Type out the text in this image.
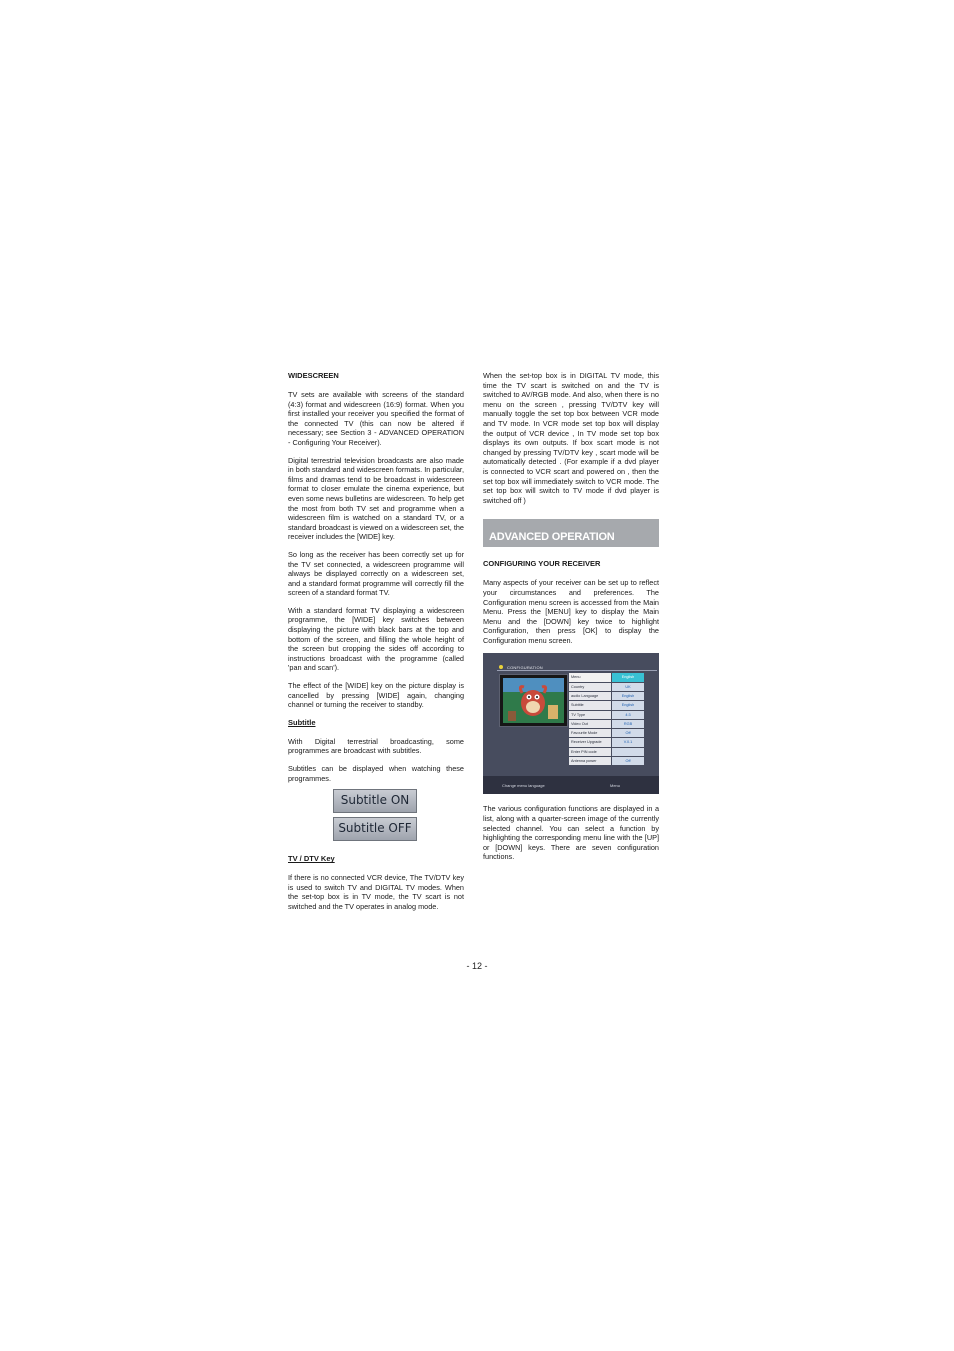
WIDESCREEN

TV sets are available with screens of the standard (4:3) format and widescreen (16:9) format. When you first installed your receiver you specified the format of the connected TV (this can now be altered if necessary; see Section 3 - ADVANCED OPERATION - Configuring Your Receiver).

Digital terrestrial television broadcasts are also made in both standard and widescreen formats. In particular, films and dramas tend to be broadcast in widescreen format to closer emulate the cinema experience, but even some news bulletins are widescreen. To help get the most from both TV set and programme when a widescreen film is watched on a standard TV, or a standard broadcast is viewed on a widescreen set, the receiver includes the [WIDE] key.

So long as the receiver has been correctly set up for the TV set connected, a widescreen programme will always be displayed correctly on a widescreen set, and a standard format programme will correctly fill the screen of a standard format TV.

With a standard format TV displaying a widescreen programme, the [WIDE] key switches between displaying the picture with black bars at the top and bottom of the screen, and filling the whole height of the screen but cropping the sides off according to instructions broadcast with the programme (called 'pan and scan').

The effect of the [WIDE] key on the picture display is cancelled by pressing [WIDE] again, changing channel or turning the receiver to standby.

Subtitle

With Digital terrestrial broadcasting, some programmes are broadcast with subtitles.

Subtitles can be displayed when watching these programmes.

Subtitle ON
Subtitle OFF
TV / DTV Key

If there is no connected VCR device, The TV/DTV key is used to switch TV and DIGITAL TV modes. When the set-top box is in TV mode, the TV scart is not switched and the TV operates in analog mode.

When the set-top box is in DIGITAL TV mode, this time the TV scart is switched on and the TV is switched to AV/RGB mode. And also, when there is no menu on the screen , pressing TV/DTV key will manually toggle the set top box between VCR mode and TV mode. In VCR mode set top box will display the output of VCR device , In TV mode set top box displays its own outputs. If box scart mode is not changed by pressing TV/DTV key , scart mode will be automatically detected . (For example if a dvd player is connected to VCR scart and powered on , then the set top box will immediately switch to VCR mode. The set top box will switch to TV mode if dvd player is switched off )

ADVANCED OPERATION
CONFIGURING YOUR RECEIVER

Many aspects of your receiver can be set up to reflect your circumstances and preferences. The Configuration menu screen is accessed from the Main Menu. Press the [MENU] key to display the Main Menu and the [DOWN] key twice to highlight Configuration, then press [OK] to display the Configuration menu screen.

CONFIGURATION
Menu	English
Country	UK
audio Language	English
Subtitle	English
TV Type	4:3
Video Out	RGB
Favourite Mode	Off
Receiver Upgrade	V.0.1
Enter PIN code
Antenna power	Off
Change menu language	Menu

The various configuration functions are displayed in a list, along with a quarter-screen image of the currently selected channel. You can select a function by highlighting the corresponding menu line with the [UP] or [DOWN] keys. There are seven configuration functions.

- 12 -
